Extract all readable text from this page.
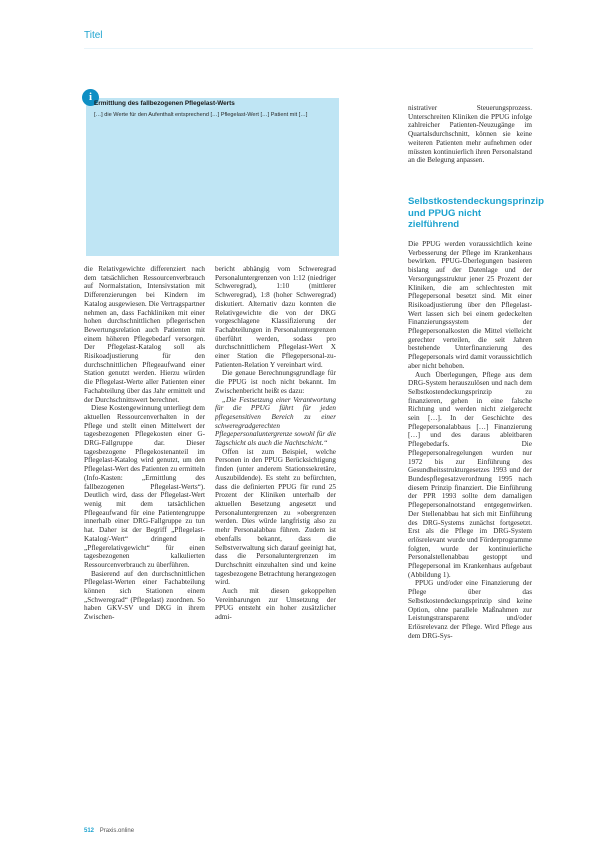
Titel
i
Ermittlung des fallbezogenen Pflegelast-Werts
[…] die Werte für den Aufenthalt entsprechend […] Pflegelast-Wert […] Patient mit […]

die Relativgewichte differenziert nach dem tatsächlichen Ressourcenverbrauch auf Normalstation, Intensivstation mit Differenzierungen bei Kindern im Katalog ausgewiesen. Die Vertragspartner nehmen an, dass Fachkliniken mit einer hohen durchschnittlichen pflegerischen Bewertungsrelation auch Patienten mit einem höheren Pflegebedarf versorgen. Der Pflegelast-Katalog soll als Risikoadjustierung für den durchschnittlichen Pflegeaufwand einer Station genutzt werden. Hierzu würden die Pflegelast-Werte aller Patienten einer Fachabteilung über das Jahr ermittelt und der Durchschnittswert berechnet.

Diese Kostengewinnung unterliegt dem aktuellen Ressourcenverhalten in der Pflege und stellt einen Mittelwert der tagesbezogenen Pflegekosten einer G-DRG-Fallgruppe dar. Dieser tagesbezogene Pflegekostenanteil im Pflegelast-Katalog wird genutzt, um den Pflegelast-Wert des Patienten zu ermitteln (Info-Kasten: „Ermittlung des fallbezogenen Pflegelast-Werts“). Deutlich wird, dass der Pflegelast-Wert wenig mit dem tatsächlichen Pflegeaufwand für eine Patientengruppe innerhalb einer DRG-Fallgruppe zu tun hat. Daher ist der Begriff „Pflegelast-Katalog/-Wert“ dringend in „Pflegerelativgewicht“ für einen tagesbezogenen kalkulierten Ressourcenverbrauch zu überführen.

Basierend auf den durchschnittlichen Pflegelast-Werten einer Fachabteilung können sich Stationen einem „Schweregrad“ (Pflegelast) zuordnen. So haben GKV-SV und DKG in ihrem Zwischen-

bericht abhängig vom Schweregrad Personaluntergrenzen von 1:12 (niedriger Schweregrad), 1:10 (mittlerer Schweregrad), 1:8 (hoher Schweregrad) diskutiert. Alternativ dazu konnten die Relativgewichte die von der DKG vorgeschlagene Klassifizierung der Fachabteilungen in Personaluntergrenzen überführt werden, sodass pro durchschnittlichem Pflegelast-Wert X einer Station die Pflegepersonal-zu-Patienten-Relation Y vereinbart wird.

Die genaue Berechnungsgrundlage für die PPUG ist noch nicht bekannt. Im Zwischenbericht heißt es dazu:

„Die Festsetzung einer Verantwortung für die PPUG führt für jeden pflegesensitiven Bereich zu einer schweregradgerechten Pflegepersonaluntergrenze sowohl für die Tagschicht als auch die Nachtschicht.“

Offen ist zum Beispiel, welche Personen in den PPUG Berücksichtigung finden (unter anderem Stationssekretäre, Auszubildende). Es steht zu befürchten, dass die definierten PPUG für rund 25 Prozent der Kliniken unterhalb der aktuellen Besetzung angesetzt und Personaluntergrenzen zu »obergrenzen werden. Dies würde langfristig also zu mehr Personalabbau führen. Zudem ist ebenfalls bekannt, dass die Selbstverwaltung sich darauf geeinigt hat, dass die Personaluntergrenzen im Durchschnitt einzuhalten sind und keine tagesbezogene Betrachtung herangezogen wird.

Auch mit diesen gekoppelten Vereinbarungen zur Umsetzung der PPUG entsteht ein hoher zusätzlicher admi-

nistrativer Steuerungsprozess. Unterschreiten Kliniken die PPUG infolge zahlreicher Patienten-Neuzugänge im Quartalsdurchschnitt, können sie keine weiteren Patienten mehr aufnehmen oder müssten kontinuierlich ihren Personalstand an die Belegung anpassen.

Selbstkostendeckungsprinzip und PPUG nicht zielführend

Die PPUG werden voraussichtlich keine Verbesserung der Pflege im Krankenhaus bewirken. PPUG-Überlegungen basieren bislang auf der Datenlage und der Versorgungsstruktur jener 25 Prozent der Kliniken, die am schlechtesten mit Pflegepersonal besetzt sind. Mit einer Risikoadjustierung über den Pflegelast-Wert lassen sich bei einem gedeckelten Finanzierungssystem der Pflegepersonalkosten die Mittel vielleicht gerechter verteilen, die seit Jahren bestehende Unterfinanzierung des Pflegepersonals wird damit voraussichtlich aber nicht behoben.

Auch Überlegungen, Pflege aus dem DRG-System herauszulösen und nach dem Selbstkostendeckungsprinzip zu finanzieren, gehen in eine falsche Richtung und werden nicht zielgerecht sein […]. In der Geschichte des Pflegepersonalabbaus […] Finanzierung […] und des daraus ableitbaren Pflegebedarfs. Die Pflegepersonalregelungen wurden nur 1972 bis zur Einführung des Gesundheitsstrukturgesetzes 1993 und der Bundespflegesatzverordnung 1995 nach diesem Prinzip finanziert. Die Einführung der PPR 1993 sollte dem damaligen Pflegepersonalnotstand entgegenwirken. Der Stellenabbau hat sich mit Einführung des DRG-Systems zunächst fortgesetzt. Erst als die Pflege im DRG-System erlösrelevant wurde und Förderprogramme folgten, wurde der kontinuierliche Personalstellenabbau gestoppt und Pflegepersonal im Krankenhaus aufgebaut (Abbildung 1).

PPUG und/oder eine Finanzierung der Pflege über das Selbstkostendeckungsprinzip sind keine Option, ohne parallele Maßnahmen zur Leistungstransparenz und/oder Erlösrelevanz der Pflege. Wird Pflege aus dem DRG-Sys-

512 Praxis.online
